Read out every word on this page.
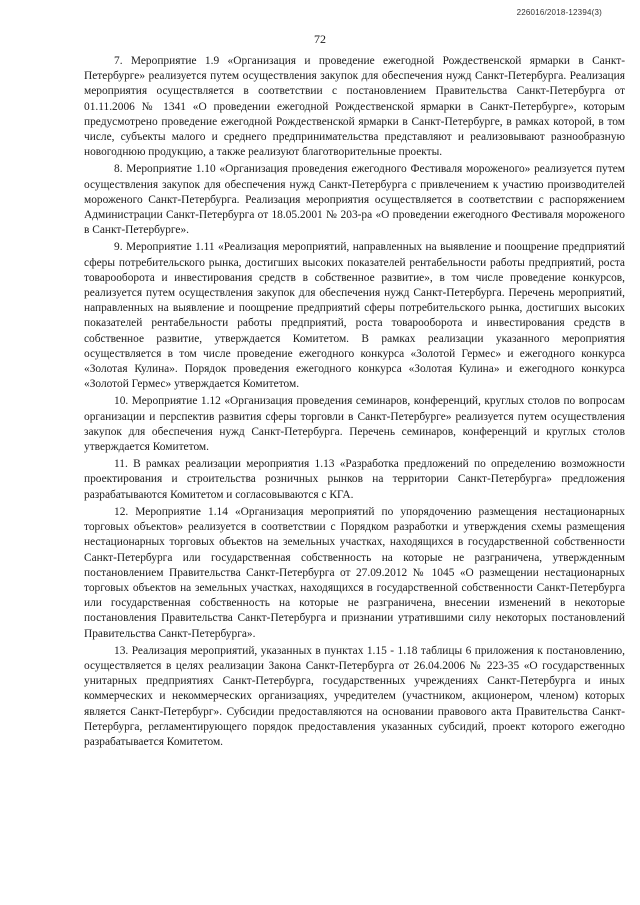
226016/2018-12394(3)
72

7. Мероприятие 1.9 «Организация и проведение ежегодной Рождественской ярмарки в Санкт-Петербурге» реализуется путем осуществления закупок для обеспечения нужд Санкт-Петербурга. Реализация мероприятия осуществляется в соответствии с постановлением Правительства Санкт-Петербурга от 01.11.2006 № 1341 «О проведении ежегодной Рождественской ярмарки в Санкт-Петербурге», которым предусмотрено проведение ежегодной Рождественской ярмарки в Санкт-Петербурге, в рамках которой, в том числе, субъекты малого и среднего предпринимательства представляют и реализовывают разнообразную новогоднюю продукцию, а также реализуют благотворительные проекты.

8. Мероприятие 1.10 «Организация проведения ежегодного Фестиваля мороженого» реализуется путем осуществления закупок для обеспечения нужд Санкт-Петербурга с привлечением к участию производителей мороженого Санкт-Петербурга. Реализация мероприятия осуществляется в соответствии с распоряжением Администрации Санкт-Петербурга от 18.05.2001 № 203-ра «О проведении ежегодного Фестиваля мороженого в Санкт-Петербурге».

9. Мероприятие 1.11 «Реализация мероприятий, направленных на выявление и поощрение предприятий сферы потребительского рынка, достигших высоких показателей рентабельности работы предприятий, роста товарооборота и инвестирования средств в собственное развитие», в том числе проведение конкурсов, реализуется путем осуществления закупок для обеспечения нужд Санкт-Петербурга. Перечень мероприятий, направленных на выявление и поощрение предприятий сферы потребительского рынка, достигших высоких показателей рентабельности работы предприятий, роста товарооборота и инвестирования средств в собственное развитие, утверждается Комитетом. В рамках реализации указанного мероприятия осуществляется в том числе проведение ежегодного конкурса «Золотой Гермес» и ежегодного конкурса «Золотая Кулина». Порядок проведения ежегодного конкурса «Золотая Кулина» и ежегодного конкурса «Золотой Гермес» утверждается Комитетом.

10. Мероприятие 1.12 «Организация проведения семинаров, конференций, круглых столов по вопросам организации и перспектив развития сферы торговли в Санкт-Петербурге» реализуется путем осуществления закупок для обеспечения нужд Санкт-Петербурга. Перечень семинаров, конференций и круглых столов утверждается Комитетом.

11. В рамках реализации мероприятия 1.13 «Разработка предложений по определению возможности проектирования и строительства розничных рынков на территории Санкт-Петербурга» предложения разрабатываются Комитетом и согласовываются с КГА.

12. Мероприятие 1.14 «Организация мероприятий по упорядочению размещения нестационарных торговых объектов» реализуется в соответствии с Порядком разработки и утверждения схемы размещения нестационарных торговых объектов на земельных участках, находящихся в государственной собственности Санкт-Петербурга или государственная собственность на которые не разграничена, утвержденным постановлением Правительства Санкт-Петербурга от 27.09.2012 № 1045 «О размещении нестационарных торговых объектов на земельных участках, находящихся в государственной собственности Санкт-Петербурга или государственная собственность на которые не разграничена, внесении изменений в некоторые постановления Правительства Санкт-Петербурга и признании утратившими силу некоторых постановлений Правительства Санкт-Петербурга».

13. Реализация мероприятий, указанных в пунктах 1.15 - 1.18 таблицы 6 приложения к постановлению, осуществляется в целях реализации Закона Санкт-Петербурга от 26.04.2006 № 223-35 «О государственных унитарных предприятиях Санкт-Петербурга, государственных учреждениях Санкт-Петербурга и иных коммерческих и некоммерческих организациях, учредителем (участником, акционером, членом) которых является Санкт-Петербург». Субсидии предоставляются на основании правового акта Правительства Санкт-Петербурга, регламентирующего порядок предоставления указанных субсидий, проект которого ежегодно разрабатывается Комитетом.
